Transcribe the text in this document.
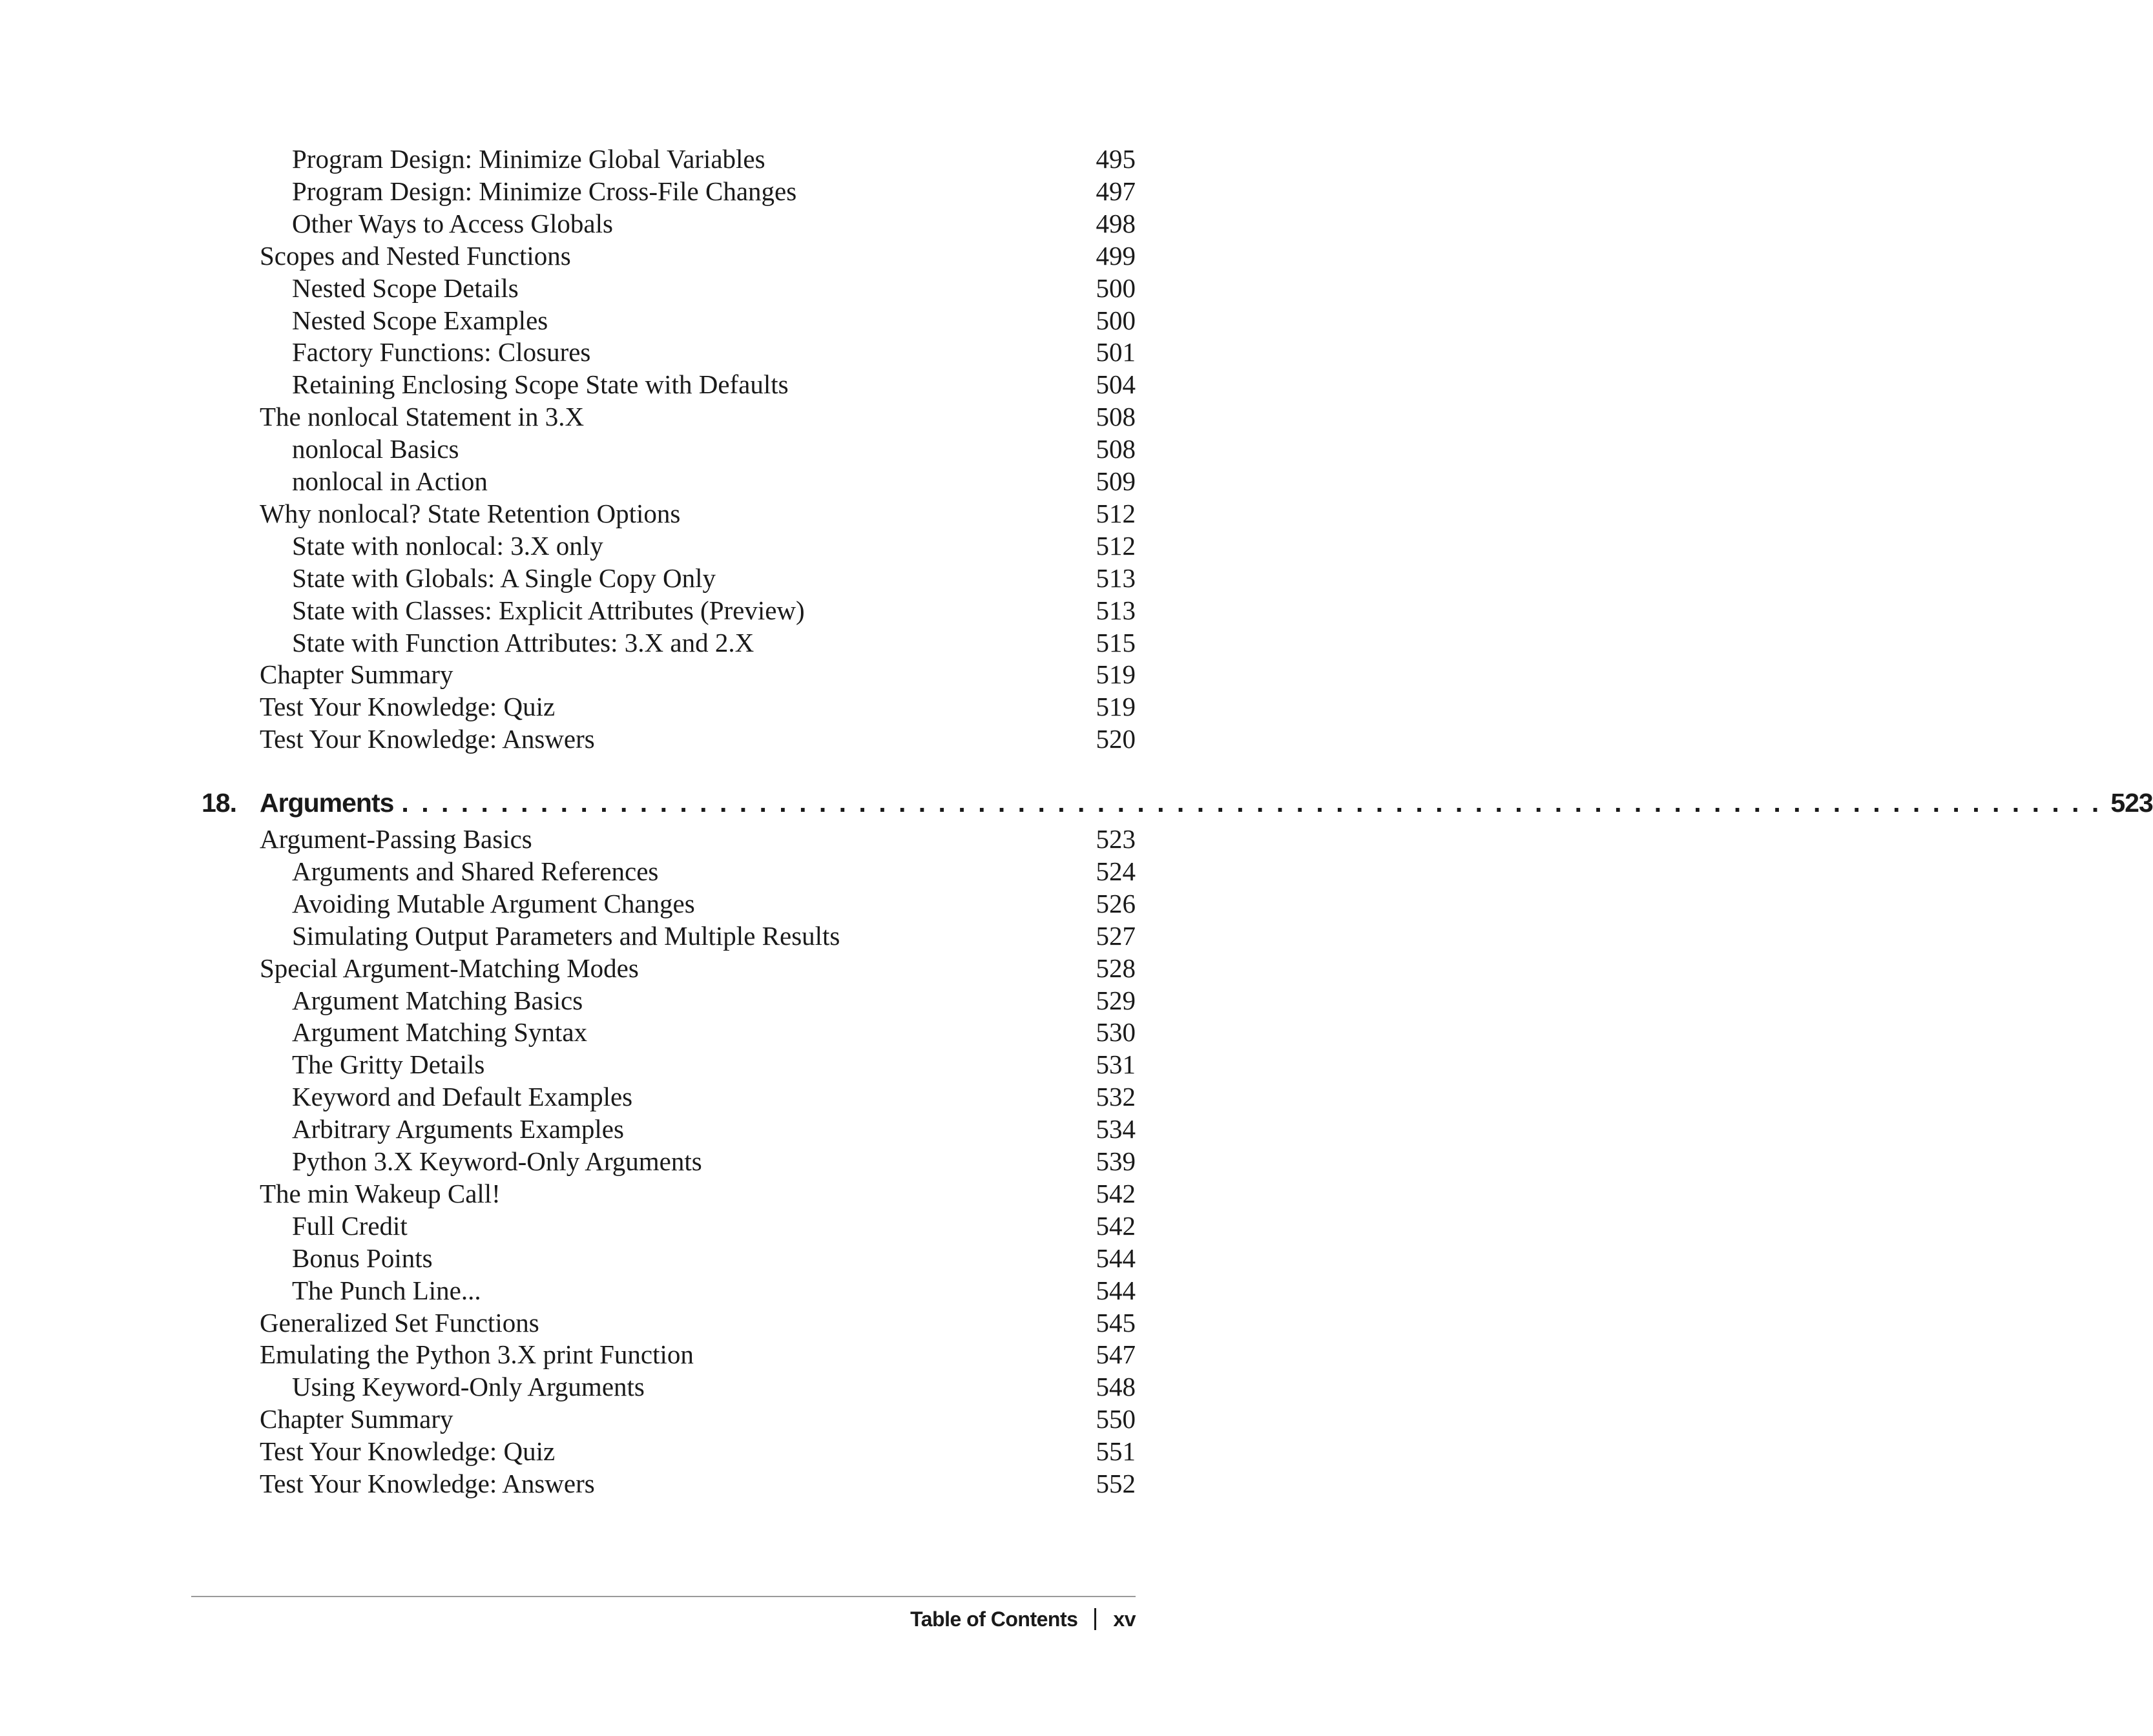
Program Design: Minimize Global Variables	495
Program Design: Minimize Cross-File Changes	497
Other Ways to Access Globals	498
Scopes and Nested Functions	499
Nested Scope Details	500
Nested Scope Examples	500
Factory Functions: Closures	501
Retaining Enclosing Scope State with Defaults	504
The nonlocal Statement in 3.X	508
nonlocal Basics	508
nonlocal in Action	509
Why nonlocal? State Retention Options	512
State with nonlocal: 3.X only	512
State with Globals: A Single Copy Only	513
State with Classes: Explicit Attributes (Preview)	513
State with Function Attributes: 3.X and 2.X	515
Chapter Summary	519
Test Your Knowledge: Quiz	519
Test Your Knowledge: Answers	520
18. Arguments . . . . . . . . . . . . . . . . . . . . . . . . . . . . . . . . . . . . . . . . . . . . . . . . . . . . . . . . . . . . . . . . . . . . . . . . . . . . . . . . . . . . . . 523
Argument-Passing Basics	523
Arguments and Shared References	524
Avoiding Mutable Argument Changes	526
Simulating Output Parameters and Multiple Results	527
Special Argument-Matching Modes	528
Argument Matching Basics	529
Argument Matching Syntax	530
The Gritty Details	531
Keyword and Default Examples	532
Arbitrary Arguments Examples	534
Python 3.X Keyword-Only Arguments	539
The min Wakeup Call!	542
Full Credit	542
Bonus Points	544
The Punch Line...	544
Generalized Set Functions	545
Emulating the Python 3.X print Function	547
Using Keyword-Only Arguments	548
Chapter Summary	550
Test Your Knowledge: Quiz	551
Test Your Knowledge: Answers	552
Table of Contents xv
